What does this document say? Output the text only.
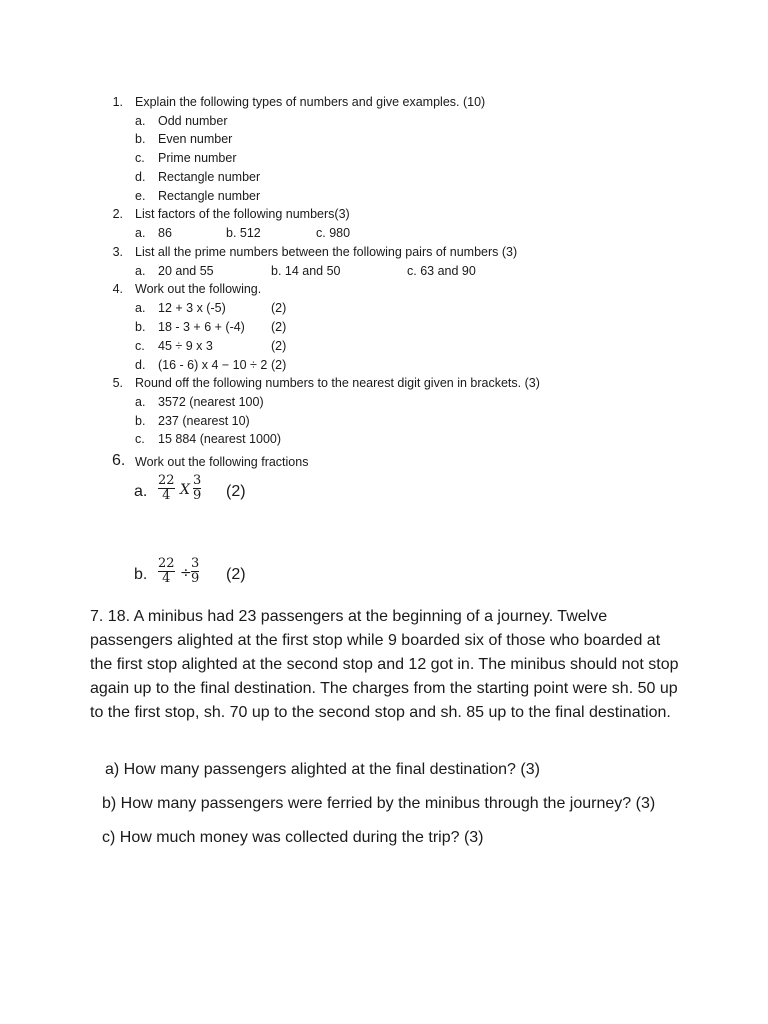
1. Explain the following types of numbers and give examples. (10)
a. Odd number
b. Even number
c. Prime number
d. Rectangle number
e. Rectangle number
2. List factors of the following numbers(3)
a. 86	b. 512	c. 980
3. List all the prime numbers between the following pairs of numbers (3)
a. 20 and 55	b. 14 and 50	c. 63 and 90
4. Work out the following.
a. 12 + 3 x (-5)	(2)
b. 18 - 3 + 6 + (-4) (2)
c. 45 ÷ 9 x 3	(2)
d. (16 - 6) x 4 − 10 ÷ 2 (2)
5. Round off the following numbers to the nearest digit given in brackets. (3)
a. 3572 (nearest 100)
b. 237 (nearest 10)
c. 15 884 (nearest 1000)
6. Work out the following fractions
a.
22
4 X
3
9 (2)
b.
22
4 ÷
3
9 (2)
7. 18. A minibus had 23 passengers at the beginning of a journey. Twelve passengers alighted at the first stop while 9 boarded six of those who boarded at the first stop alighted at the second stop and 12 got in. The minibus should not stop again up to the final destination. The charges from the starting point were sh. 50 up to the first stop, sh. 70 up to the second stop and sh. 85 up to the final destination.
a) How many passengers alighted at the final destination? (3)
b) How many passengers were ferried by the minibus through the journey? (3)
c) How much money was collected during the trip? (3)
